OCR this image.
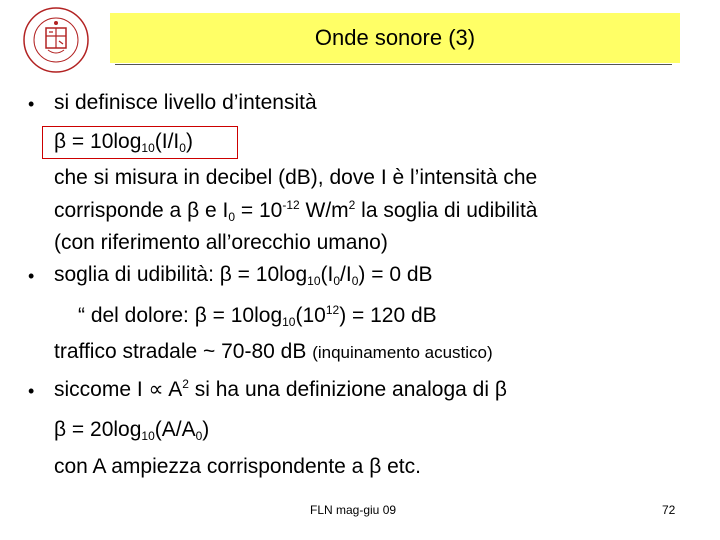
Onde sonore (3)
• si definisce livello d’intensità
$\beta = 10\log_{10}(I/I_0)$
che si misura in decibel (dB), dove I è l’intensità che
corrisponde a β e $I_0 = 10^{-12}$ $W/m^2$ la soglia di udibilità
(con riferimento all’orecchio umano)
• soglia di udibilità: $\beta = 10\log_{10}(I_0/I_0) = 0$ dB
“ del dolore: $\beta = 10\log_{10}(10^{12}) = 120$ dB
traffico stradale ~ 70-80 dB (inquinamento acustico)
• siccome $I \propto A^2$ si ha una definizione analoga di β
$\beta = 20\log_{10}(A/A_0)$
con A ampiezza corrispondente a β etc.
FLN mag-giu 09	72
